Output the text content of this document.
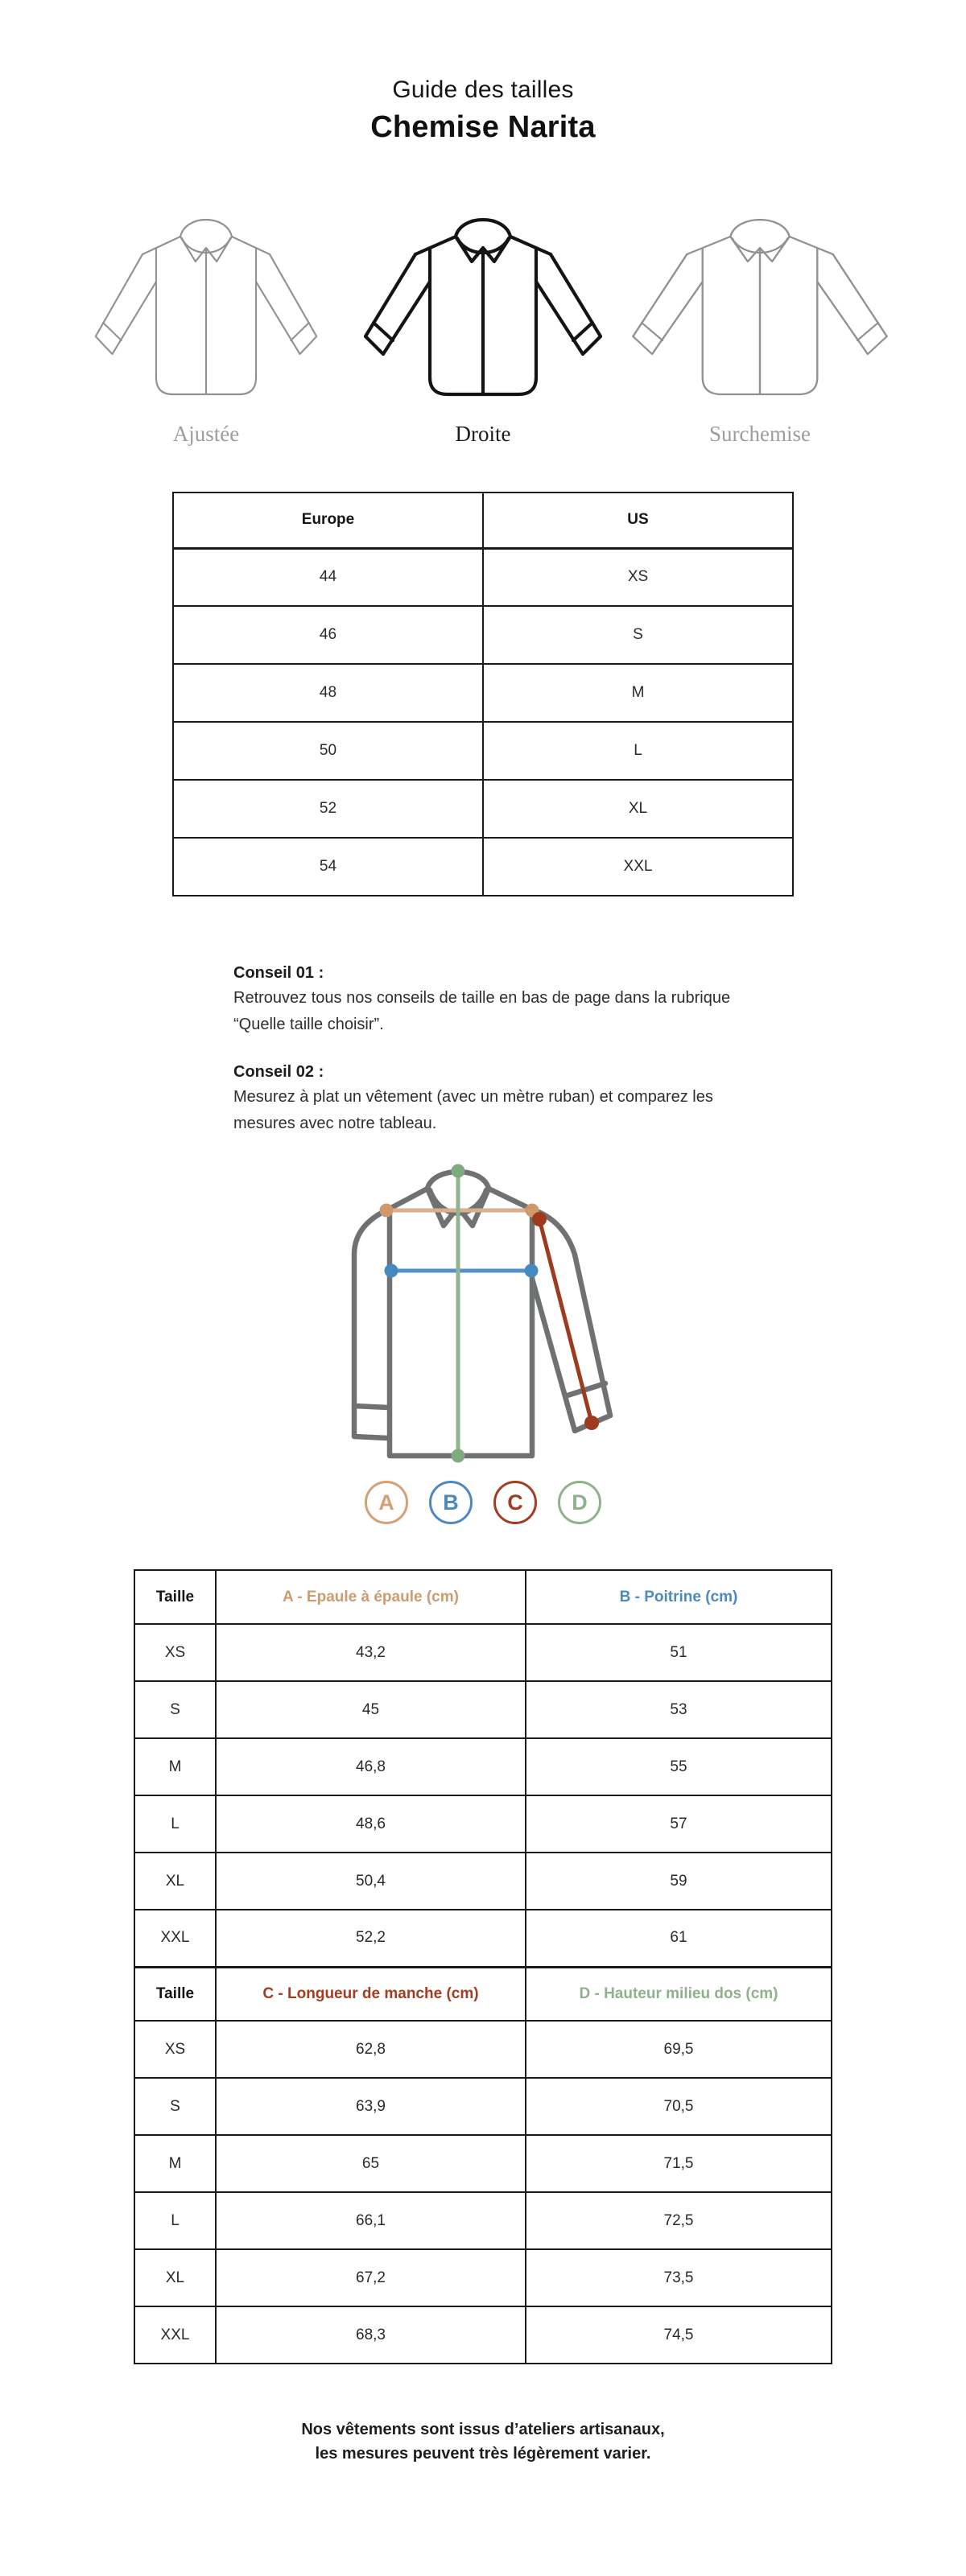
Guide des tailles
Chemise Narita
Ajustée	Droite	Surchemise
Europe	US
44	XS
46	S
48	M
50	L
52	XL
54	XXL
Conseil 01 :
Retrouvez tous nos conseils de taille en bas de page dans la rubrique “Quelle taille choisir”.
Conseil 02 :
Mesurez à plat un vêtement (avec un mètre ruban) et comparez les mesures avec notre tableau.
A	B	C	D
Taille	A - Epaule à épaule (cm)	B - Poitrine (cm)
XS	43,2	51
S	45	53
M	46,8	55
L	48,6	57
XL	50,4	59
XXL	52,2	61
Taille	C - Longueur de manche (cm)	D - Hauteur milieu dos (cm)
XS	62,8	69,5
S	63,9	70,5
M	65	71,5
L	66,1	72,5
XL	67,2	73,5
XXL	68,3	74,5
Nos vêtements sont issus d’ateliers artisanaux,
les mesures peuvent très légèrement varier.
